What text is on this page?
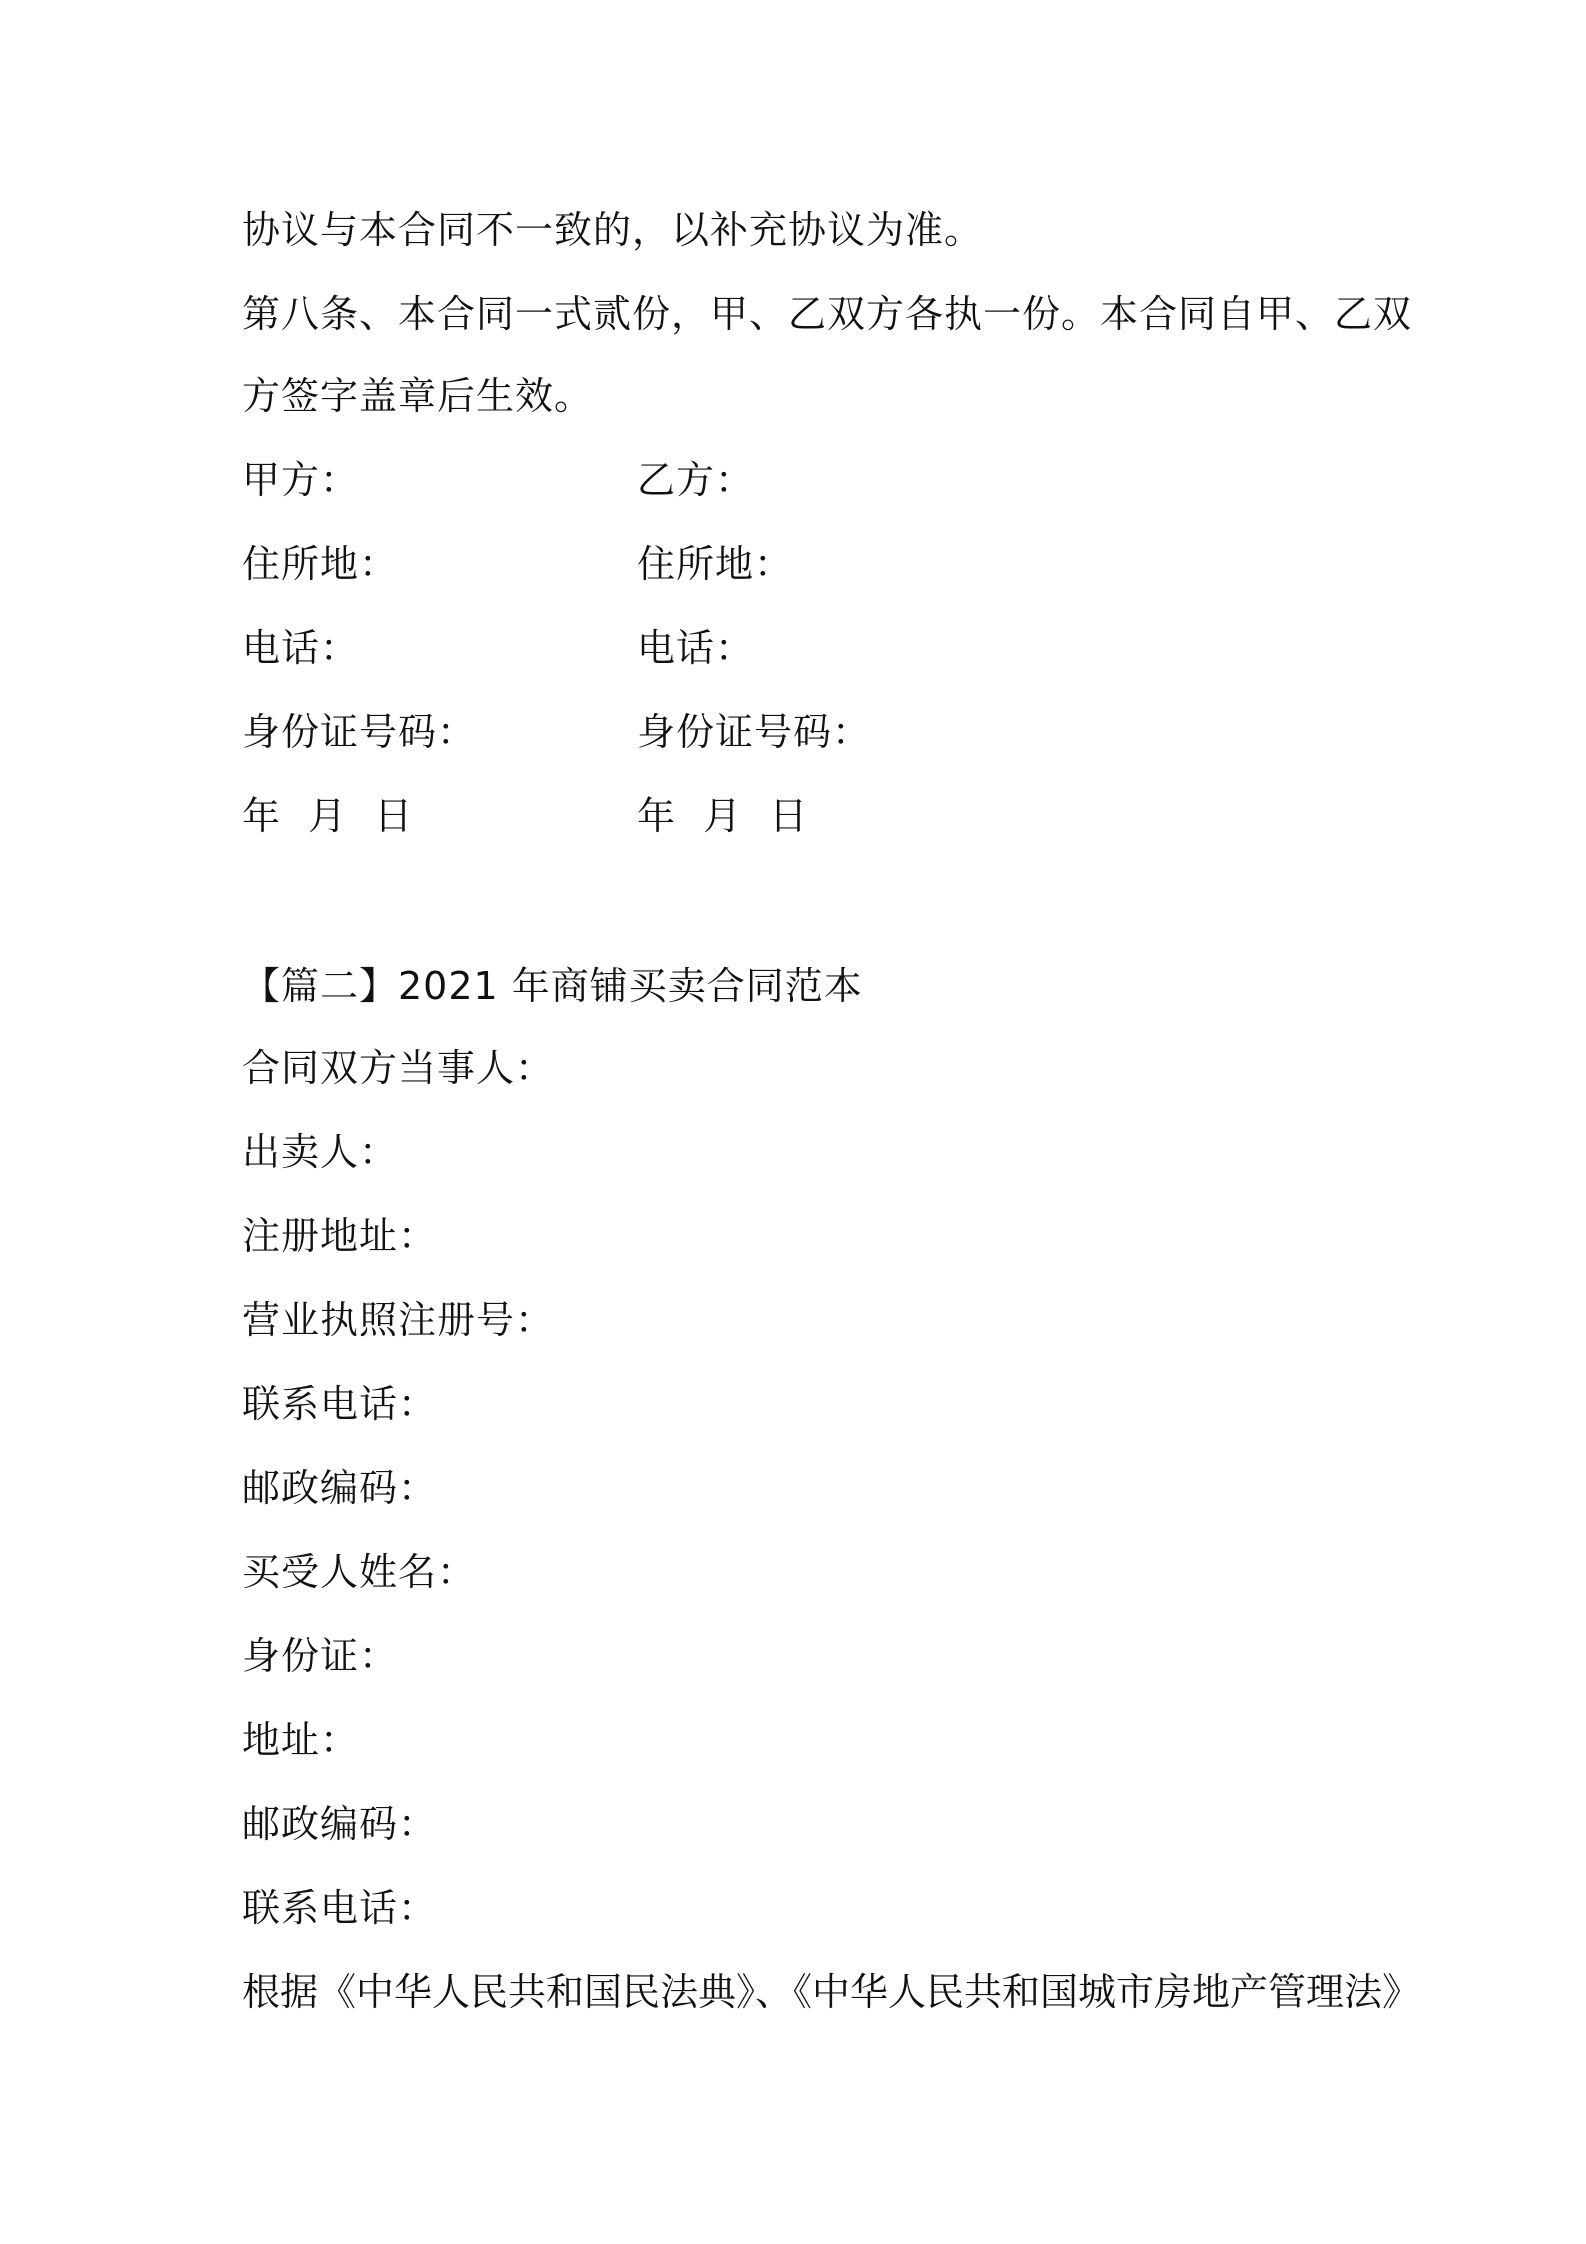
协议与本合同不一致的，以补充协议为准。
第八条、本合同一式贰份，甲、乙双方各执一份。本合同自甲、乙双
方签字盖章后生效。
甲方：	乙方：
住所地：	住所地：
电话：	电话：
身份证号码：	身份证号码：
年 月 日	年 月 日
【篇二】2021 年商铺买卖合同范本
合同双方当事人：
出卖人：
注册地址：
营业执照注册号：
联系电话：
邮政编码：
买受人姓名：
身份证：
地址：
邮政编码：
联系电话：
根据《中华人民共和国民法典》、《中华人民共和国城市房地产管理法》
